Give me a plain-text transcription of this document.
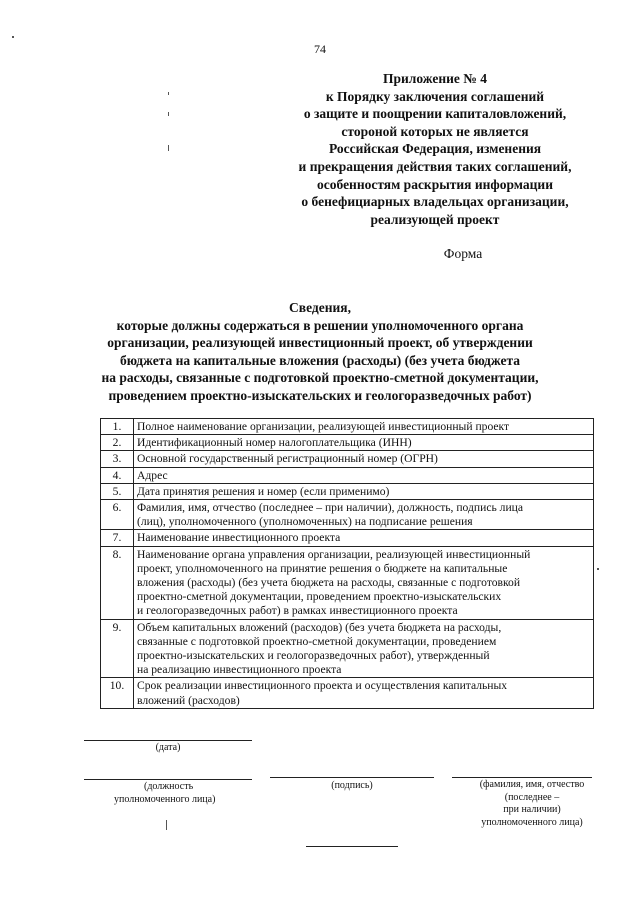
74
Приложение № 4
к Порядку заключения соглашений
о защите и поощрении капиталовложений,
стороной которых не является
Российская Федерация, изменения
и прекращения действия таких соглашений,
особенностям раскрытия информации
о бенефициарных владельцах организации,
реализующей проект
Форма
Сведения,
которые должны содержаться в решении уполномоченного органа
организации, реализующей инвестиционный проект, об утверждении
бюджета на капитальные вложения (расходы) (без учета бюджета
на расходы, связанные с подготовкой проектно-сметной документации,
проведением проектно-изыскательских и геологоразведочных работ)
1.	Полное наименование организации, реализующей инвестиционный проект

2.	Идентификационный номер налогоплательщика (ИНН)

3.	Основной государственный регистрационный номер (ОГРН)

4.	Адрес

5.	Дата принятия решения и номер (если применимо)

6.	Фамилия, имя, отчество (последнее – при наличии), должность, подпись лица
(лиц), уполномоченного (уполномоченных) на подписание решения

7.	Наименование инвестиционного проекта

8.	Наименование органа управления организации, реализующей инвестиционный
проект, уполномоченного на принятие решения о бюджете на капитальные
вложения (расходы) (без учета бюджета на расходы, связанные с подготовкой
проектно-сметной документации, проведением проектно-изыскательских
и геологоразведочных работ) в рамках инвестиционного проекта

9.	Объем капитальных вложений (расходов) (без учета бюджета на расходы,
связанные с подготовкой проектно-сметной документации, проведением
проектно-изыскательских и геологоразведочных работ), утвержденный
на реализацию инвестиционного проекта

10.	Срок реализации инвестиционного проекта и осуществления капитальных
вложений (расходов)
(дата)
(должность
уполномоченного лица)
(подпись)	(фамилия, имя, отчество
(последнее –
при наличии)
уполномоченного лица)
